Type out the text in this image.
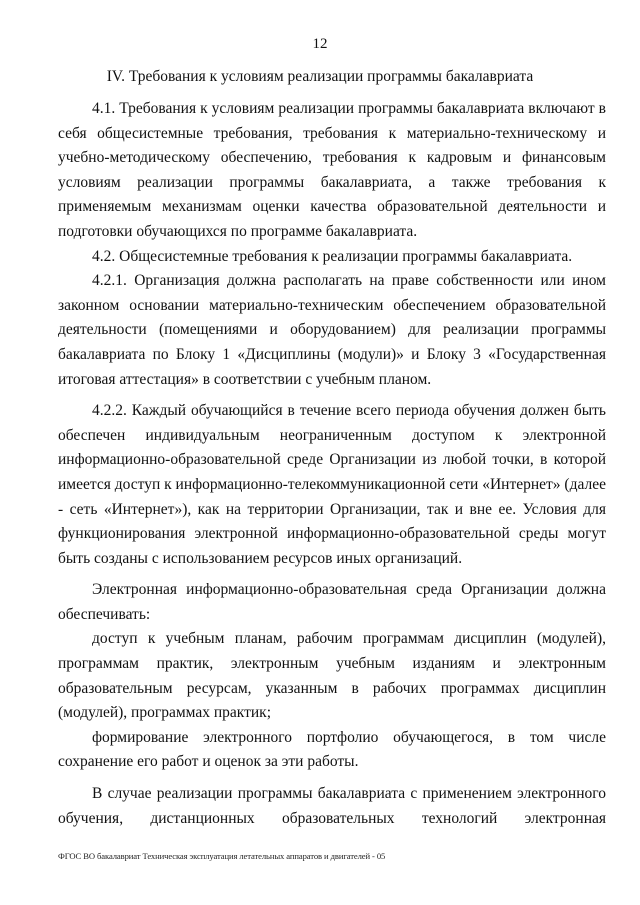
12
IV. Требования к условиям реализации программы бакалавриата

4.1. Требования к условиям реализации программы бакалавриата включают в себя общесистемные требования, требования к материально-техническому и учебно-методическому обеспечению, требования к кадровым и финансовым условиям реализации программы бакалавриата, а также требования к применяемым механизмам оценки качества образовательной деятельности и подготовки обучающихся по программе бакалавриата.

4.2. Общесистемные требования к реализации программы бакалавриата.

4.2.1. Организация должна располагать на праве собственности или ином законном основании материально-техническим обеспечением образовательной деятельности (помещениями и оборудованием) для реализации программы бакалавриата по Блоку 1 «Дисциплины (модули)» и Блоку 3 «Государственная итоговая аттестация» в соответствии с учебным планом.

4.2.2. Каждый обучающийся в течение всего периода обучения должен быть обеспечен индивидуальным неограниченным доступом к электронной информационно-образовательной среде Организации из любой точки, в которой имеется доступ к информационно-телекоммуникационной сети «Интернет» (далее - сеть «Интернет»), как на территории Организации, так и вне ее. Условия для функционирования электронной информационно-образовательной среды могут быть созданы с использованием ресурсов иных организаций.

Электронная информационно-образовательная среда Организации должна обеспечивать:

доступ к учебным планам, рабочим программам дисциплин (модулей), программам практик, электронным учебным изданиям и электронным образовательным ресурсам, указанным в рабочих программах дисциплин (модулей), программах практик;

формирование электронного портфолио обучающегося, в том числе сохранение его работ и оценок за эти работы.

В случае реализации программы бакалавриата с применением электронного обучения, дистанционных образовательных технологий электронная

ФГОС ВО бакалавриат Техническая эксплуатация летательных аппаратов и двигателей - 05
